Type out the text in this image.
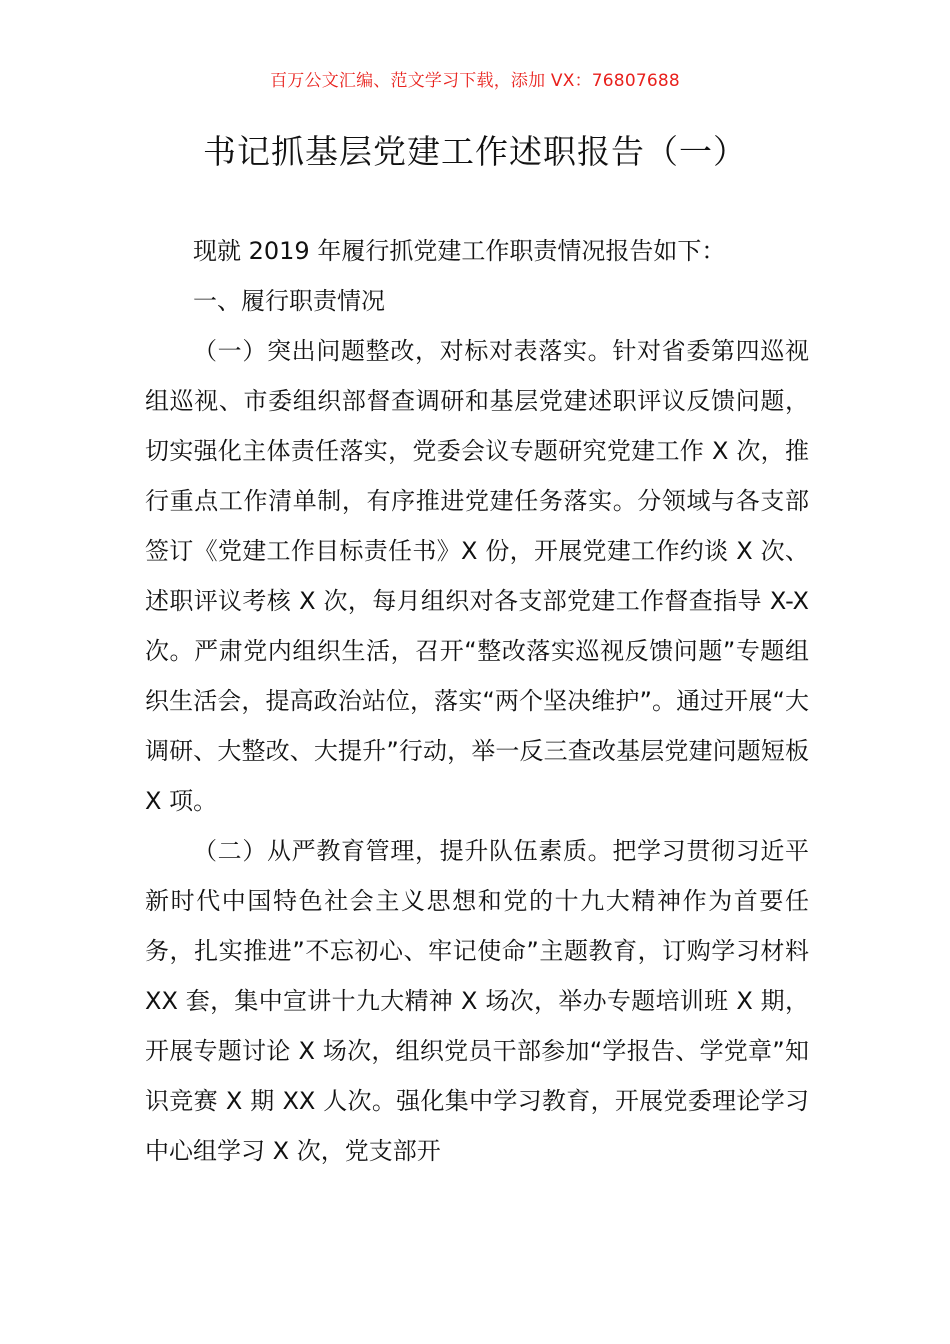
百万公文汇编、范文学习下载，添加 VX：76807688
书记抓基层党建工作述职报告（一）

现就 2019 年履行抓党建工作职责情况报告如下：

一、履行职责情况

（一）突出问题整改，对标对表落实。针对省委第四巡视组巡视、市委组织部督查调研和基层党建述职评议反馈问题，切实强化主体责任落实，党委会议专题研究党建工作 X 次，推行重点工作清单制，有序推进党建任务落实。分领域与各支部签订《党建工作目标责任书》X 份，开展党建工作约谈 X 次、述职评议考核 X 次，每月组织对各支部党建工作督查指导 X-X 次。严肃党内组织生活，召开“整改落实巡视反馈问题”专题组织生活会，提高政治站位，落实“两个坚决维护”。通过开展“大调研、大整改、大提升”行动，举一反三查改基层党建问题短板 X 项。

（二）从严教育管理，提升队伍素质。把学习贯彻习近平新时代中国特色社会主义思想和党的十九大精神作为首要任务，扎实推进”不忘初心、牢记使命”主题教育，订购学习材料 XX 套，集中宣讲十九大精神 X 场次，举办专题培训班 X 期，开展专题讨论 X 场次，组织党员干部参加“学报告、学党章”知识竞赛 X 期 XX 人次。强化集中学习教育，开展党委理论学习中心组学习 X 次，党支部开
